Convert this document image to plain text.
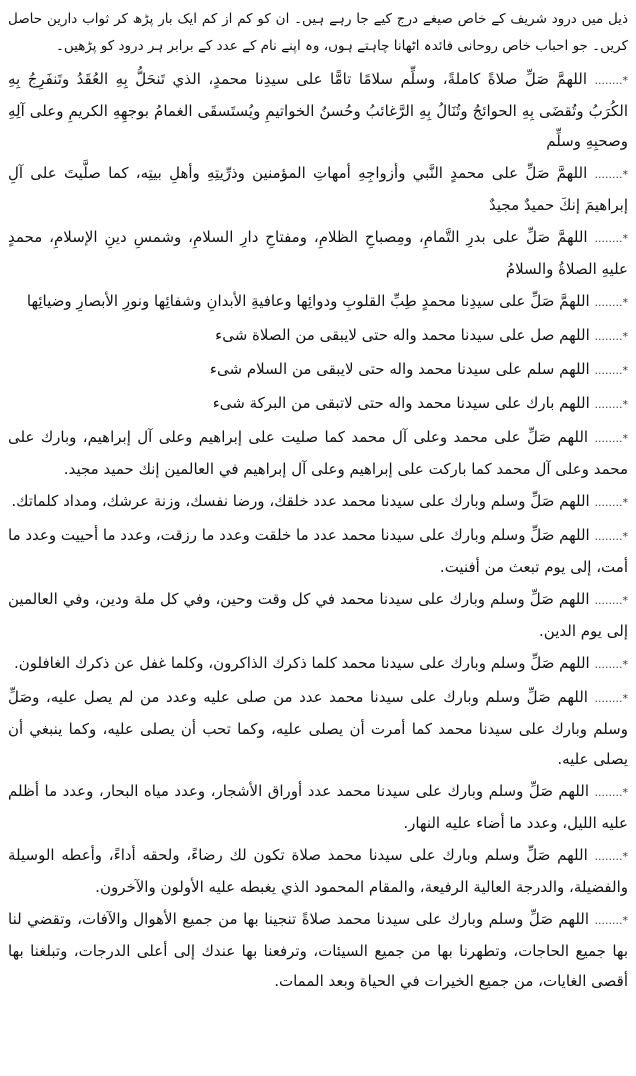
ذیل میں درود شریف کے خاص صیغے درج کیے جا رہے ہیں۔ ان کو کم از کم ایک بار پڑھ کر ثواب دارین حاصل کریں۔ جو احباب خاص روحانی فائدہ اٹھانا چاہتے ہوں، وہ اپنے نام کے عدد کے برابر ہر درود کو پڑھیں۔

*........ اللهمَّ صَلِّ صلاةً كاملةً، وسلِّم سلامًا تامًّا على سيدِنا محمدٍ، الذي تَنحَلُّ بِهِ العُقَدُ وتَنفَرِجُ بِهِ الكُرَبُ وتُقضَى بِهِ الحوائجُ وتُنَالُ بِهِ الرَّغائبُ وحُسنُ الخواتيمِ ويُستَسقَى الغمامُ بوجهِهِ الكريمِ وعلى آلِهِ وصحبِهِ وسلِّم

*........ اللهمَّ صَلِّ على محمدٍ النَّبي وأزواجِهِ أمهاتِ المؤمنين وذرِّيتِهِ وأهلِ بيتِه، كما صلَّيتَ على آلِ إبراهيمَ إنكَ حميدٌ مجيدٌ

*........ اللهمَّ صَلِّ على بدرِ التَّمامِ، ومِصباحِ الظلامِ، ومفتاحِ دارِ السلامِ، وشمسِ دينِ الإسلامِ، محمدٍ عليهِ الصلاةُ والسلامُ

*........ اللهمَّ صَلِّ على سيدِنا محمدٍ طِبِّ القلوبِ ودوائِها وعافيةِ الأبدانِ وشفائِها ونورِ الأبصارِ وضيائِها

*........ اللهم صل على سيدنا محمد واله حتى لايبقى من الصلاة شىء

*........ اللهم سلم على سيدنا محمد واله حتى لايبقى من السلام شىء

*........ اللهم بارك على سيدنا محمد واله حتى لاتبقى من البركة شىء

*........ اللهم صَلِّ على محمد وعلى آل محمد كما صليت على إبراهيم وعلى آل إبراهيم، وبارك على محمد وعلى آل محمد كما باركت على إبراهيم وعلى آل إبراهيم في العالمين إنك حميد مجيد.

*........ اللهم صَلِّ وسلم وبارك على سيدنا محمد عدد خلقك، ورضا نفسك، وزنة عرشك، ومداد كلماتك.

*........ اللهم صَلِّ وسلم وبارك على سيدنا محمد عدد ما خلقت وعدد ما رزقت، وعدد ما أحييت وعدد ما أمت، إلى يوم تبعث من أفنيت.

*........ اللهم صَلِّ وسلم وبارك على سيدنا محمد في كل وقت وحين، وفي كل ملة ودين، وفي العالمين إلى يوم الدين.

*........ اللهم صَلِّ وسلم وبارك على سيدنا محمد كلما ذكرك الذاكرون، وكلما غفل عن ذكرك الغافلون.

*........ اللهم صَلِّ وسلم وبارك على سيدنا محمد عدد من صلى عليه وعدد من لم يصل عليه، وصَلِّ وسلم وبارك على سيدنا محمد كما أمرت أن يصلى عليه، وكما تحب أن يصلى عليه، وكما ينبغي أن يصلى عليه.

*........ اللهم صَلِّ وسلم وبارك على سيدنا محمد عدد أوراق الأشجار، وعدد مياه البحار، وعدد ما أظلم عليه الليل، وعدد ما أضاء عليه النهار.

*........ اللهم صَلِّ وسلم وبارك على سيدنا محمد صلاة تكون لك رضاءً، ولحقه أداءً، وأعطه الوسيلة والفضيلة، والدرجة العالية الرفيعة، والمقام المحمود الذي يغبطه عليه الأولون والآخرون.

*........ اللهم صَلِّ وسلم وبارك على سيدنا محمد صلاةً تنجينا بها من جميع الأهوال والآفات، وتقضي لنا بها جميع الحاجات، وتطهرنا بها من جميع السيئات، وترفعنا بها عندك إلى أعلى الدرجات، وتبلغنا بها أقصى الغايات، من جميع الخيرات في الحياة وبعد الممات.
